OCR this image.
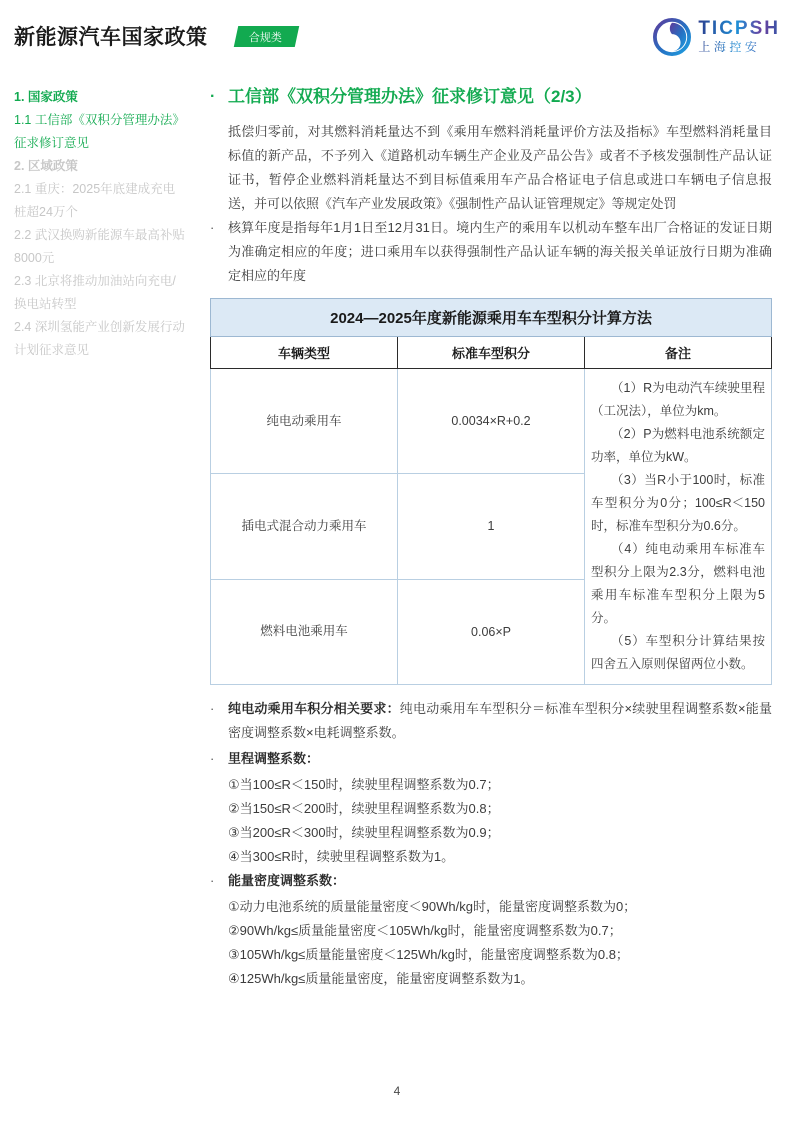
新能源汽车国家政策	合规类	TICPSH
上海控安
1. 国家政策
1.1 工信部《双积分管理办法》征求修订意见
2. 区域政策
2.1 重庆：2025年底建成充电桩超24万个
2.2 武汉换购新能源车最高补贴8000元
2.3 北京将推动加油站向充电/换电站转型
2.4 深圳氢能产业创新发展行动计划征求意见
· 工信部《双积分管理办法》征求修订意见（2/3）
抵偿归零前，对其燃料消耗量达不到《乘用车燃料消耗量评价方法及指标》车型燃料消耗量目标值的新产品，不予列入《道路机动车辆生产企业及产品公告》或者不予核发强制性产品认证证书，暂停企业燃料消耗量达不到目标值乘用车产品合格证电子信息或进口车辆电子信息报送，并可以依照《汽车产业发展政策》《强制性产品认证管理规定》等规定处罚
·	核算年度是指每年1月1日至12月31日。境内生产的乘用车以机动车整车出厂合格证的发证日期为准确定相应的年度；进口乘用车以获得强制性产品认证车辆的海关报关单证放行日期为准确定相应的年度
2024—2025年度新能源乘用车车型积分计算方法		
车辆类型	标准车型积分	备注
纯电动乘用车	0.0034×R+0.2	（1）R为电动汽车续驶里程（工况法），单位为km。
（2）P为燃料电池系统额定功率，单位为kW。
（3）当R小于100时，标准车型积分为0分；100≤R＜150时，标准车型积分为0.6分。
（4）纯电动乘用车标准车型积分上限为2.3分，燃料电池乘用车标准车型积分上限为5分。
（5）车型积分计算结果按四舍五入原则保留两位小数。

插电式混合动力乘用车	1	
燃料电池乘用车	0.06×P	
·	纯电动乘用车积分相关要求：纯电动乘用车车型积分＝标准车型积分×续驶里程调整系数×能量密度调整系数×电耗调整系数。
·	里程调整系数：
①当100≤R＜150时，续驶里程调整系数为0.7；
②当150≤R＜200时，续驶里程调整系数为0.8；
③当200≤R＜300时，续驶里程调整系数为0.9；
④当300≤R时，续驶里程调整系数为1。
·	能量密度调整系数：
①动力电池系统的质量能量密度＜90Wh/kg时，能量密度调整系数为0；
②90Wh/kg≤质量能量密度＜105Wh/kg时，能量密度调整系数为0.7；
③105Wh/kg≤质量能量密度＜125Wh/kg时，能量密度调整系数为0.8；
④125Wh/kg≤质量能量密度，能量密度调整系数为1。
4
